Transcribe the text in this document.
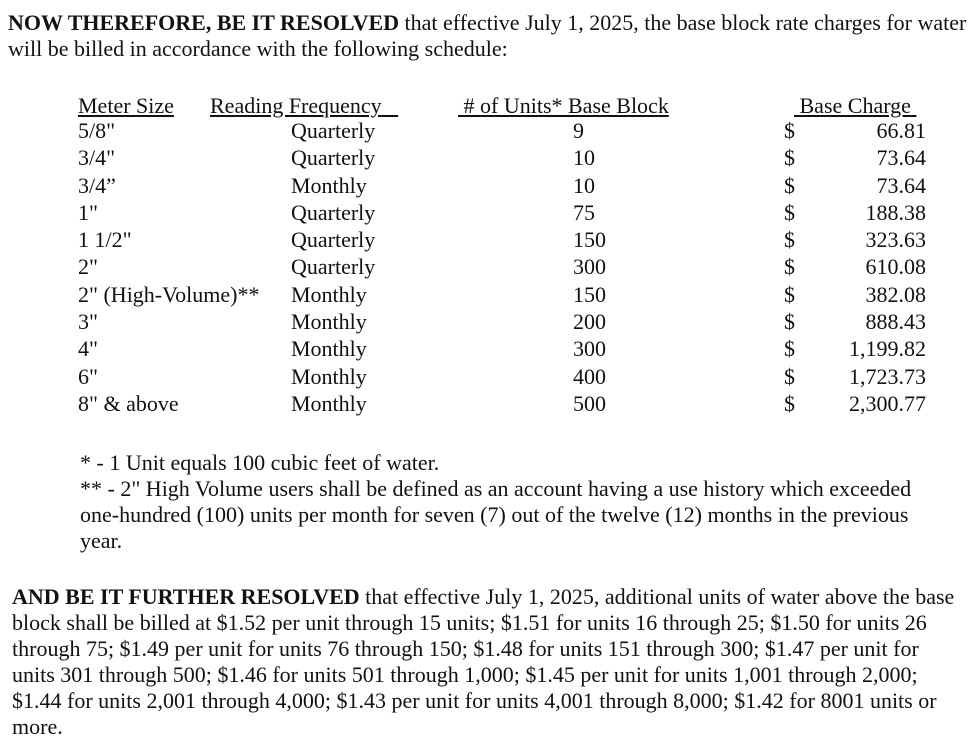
NOW THEREFORE, BE IT RESOLVED that effective July 1, 2025, the base block rate charges for water will be billed in accordance with the following schedule:
Meter Size Reading Frequency	# of Units* Base Block	Base Charge
5/8"	Quarterly	9	$	66.81
3/4"	Quarterly	10	$	73.64
3/4”	Monthly	10	$	73.64
1"	Quarterly	75	$	188.38
1 1/2"	Quarterly	150	$	323.63
2"	Quarterly	300	$	610.08
2" (High-Volume)** Monthly	150	$	382.08
3"	Monthly	200	$	888.43
4"	Monthly	300	$ 1,199.82
6"	Monthly	400	$ 1,723.73
8" & above	Monthly	500	$ 2,300.77
* - 1 Unit equals 100 cubic feet of water.
** - 2" High Volume users shall be defined as an account having a use history which exceeded one-hundred (100) units per month for seven (7) out of the twelve (12) months in the previous year.
AND BE IT FURTHER RESOLVED that effective July 1, 2025, additional units of water above the base block shall be billed at $1.52 per unit through 15 units; $1.51 for units 16 through 25; $1.50 for units 26 through 75; $1.49 per unit for units 76 through 150; $1.48 for units 151 through 300; $1.47 per unit for units 301 through 500; $1.46 for units 501 through 1,000; $1.45 per unit for units 1,001 through 2,000; $1.44 for units 2,001 through 4,000; $1.43 per unit for units 4,001 through 8,000; $1.42 for 8001 units or more.
